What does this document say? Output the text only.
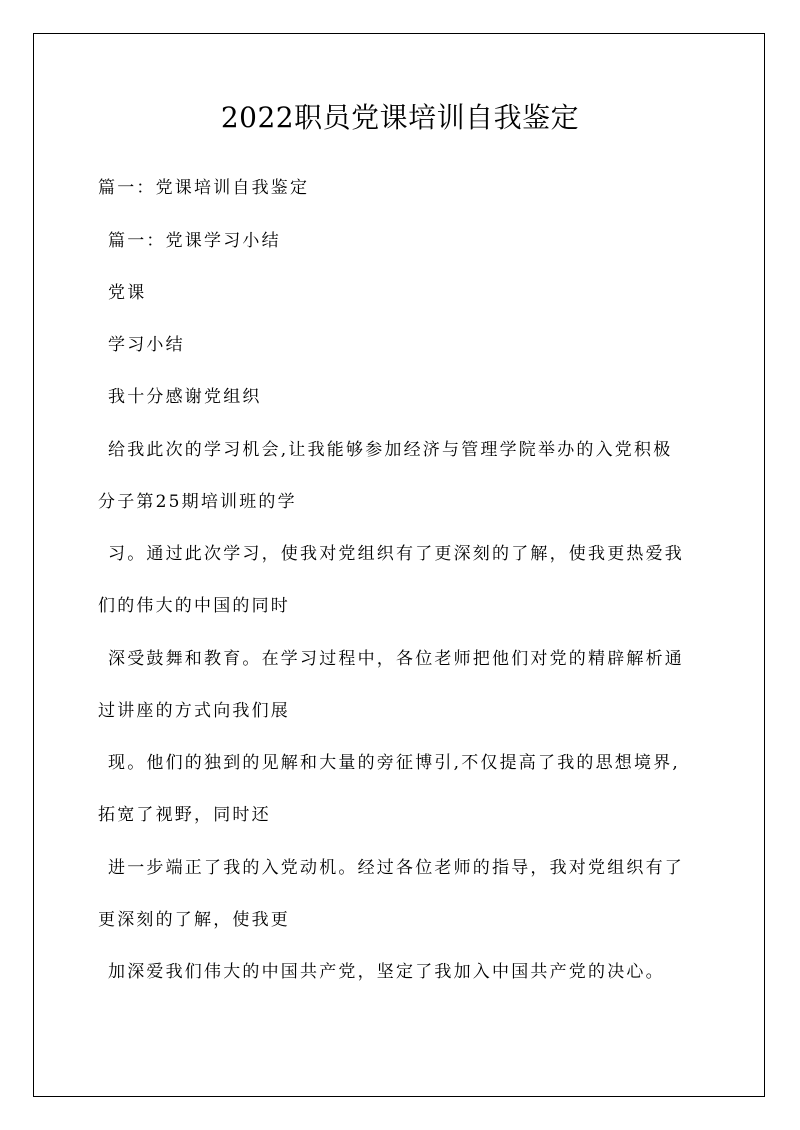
2022职员党课培训自我鉴定
篇一：党课培训自我鉴定
篇一：党课学习小结
党课
学习小结
我十分感谢党组织
给我此次的学习机会,让我能够参加经济与管理学院举办的入党积极
分子第25期培训班的学
习。通过此次学习，使我对党组织有了更深刻的了解，使我更热爱我
们的伟大的中国的同时
深受鼓舞和教育。在学习过程中，各位老师把他们对党的精辟解析通
过讲座的方式向我们展
现。他们的独到的见解和大量的旁征博引,不仅提高了我的思想境界,
拓宽了视野，同时还
进一步端正了我的入党动机。经过各位老师的指导，我对党组织有了
更深刻的了解，使我更
加深爱我们伟大的中国共产党，坚定了我加入中国共产党的决心。
